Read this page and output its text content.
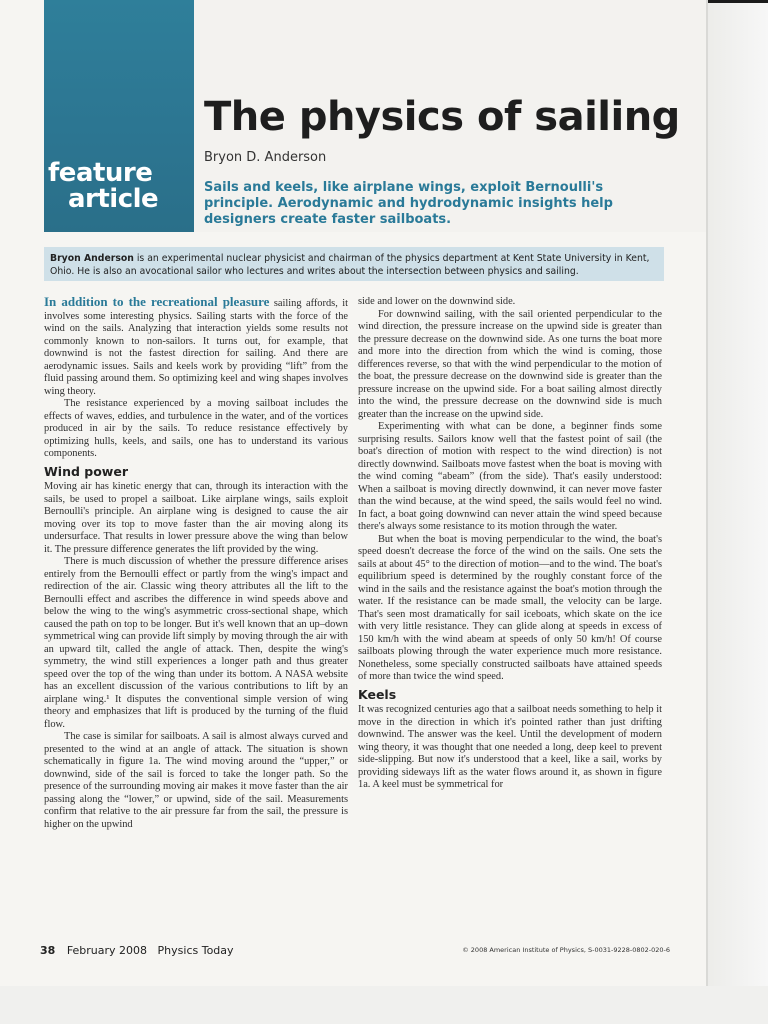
feature
article
The physics of sailing
Bryon D. Anderson
Sails and keels, like airplane wings, exploit Bernoulli's principle. Aerodynamic and hydrodynamic insights help designers create faster sailboats.
Bryon Anderson is an experimental nuclear physicist and chairman of the physics department at Kent State University in Kent, Ohio. He is also an avocational sailor who lectures and writes about the intersection between physics and sailing.

In addition to the recreational pleasure sailing affords, it involves some interesting physics. Sailing starts with the force of the wind on the sails. Analyzing that interaction yields some results not commonly known to non-sailors. It turns out, for example, that downwind is not the fastest direction for sailing. And there are aerodynamic issues. Sails and keels work by providing “lift” from the fluid passing around them. So optimizing keel and wing shapes involves wing theory.

The resistance experienced by a moving sailboat includes the effects of waves, eddies, and turbulence in the water, and of the vortices produced in air by the sails. To reduce resistance effectively by optimizing hulls, keels, and sails, one has to understand its various components.

Wind power

Moving air has kinetic energy that can, through its interaction with the sails, be used to propel a sailboat. Like airplane wings, sails exploit Bernoulli's principle. An airplane wing is designed to cause the air moving over its top to move faster than the air moving along its undersurface. That results in lower pressure above the wing than below it. The pressure difference generates the lift provided by the wing.

There is much discussion of whether the pressure difference arises entirely from the Bernoulli effect or partly from the wing's impact and redirection of the air. Classic wing theory attributes all the lift to the Bernoulli effect and ascribes the difference in wind speeds above and below the wing to the wing's asymmetric cross-sectional shape, which caused the path on top to be longer. But it's well known that an up–down symmetrical wing can provide lift simply by moving through the air with an upward tilt, called the angle of attack. Then, despite the wing's symmetry, the wind still experiences a longer path and thus greater speed over the top of the wing than under its bottom. A NASA website has an excellent discussion of the various contributions to lift by an airplane wing.¹ It disputes the conventional simple version of wing theory and emphasizes that lift is produced by the turning of the fluid flow.

The case is similar for sailboats. A sail is almost always curved and presented to the wind at an angle of attack. The situation is shown schematically in figure 1a. The wind moving around the “upper,” or downwind, side of the sail is forced to take the longer path. So the presence of the surrounding moving air makes it move faster than the air passing along the “lower,” or upwind, side of the sail. Measurements confirm that relative to the air pressure far from the sail, the pressure is higher on the upwind

side and lower on the downwind side.

For downwind sailing, with the sail oriented perpendicular to the wind direction, the pressure increase on the upwind side is greater than the pressure decrease on the downwind side. As one turns the boat more and more into the direction from which the wind is coming, those differences reverse, so that with the wind perpendicular to the motion of the boat, the pressure decrease on the downwind side is greater than the pressure increase on the upwind side. For a boat sailing almost directly into the wind, the pressure decrease on the downwind side is much greater than the increase on the upwind side.

Experimenting with what can be done, a beginner finds some surprising results. Sailors know well that the fastest point of sail (the boat's direction of motion with respect to the wind direction) is not directly downwind. Sailboats move fastest when the boat is moving with the wind coming “abeam” (from the side). That's easily understood: When a sailboat is moving directly downwind, it can never move faster than the wind because, at the wind speed, the sails would feel no wind. In fact, a boat going downwind can never attain the wind speed because there's always some resistance to its motion through the water.

But when the boat is moving perpendicular to the wind, the boat's speed doesn't decrease the force of the wind on the sails. One sets the sails at about 45° to the direction of motion—and to the wind. The boat's equilibrium speed is determined by the roughly constant force of the wind in the sails and the resistance against the boat's motion through the water. If the resistance can be made small, the velocity can be large. That's seen most dramatically for sail iceboats, which skate on the ice with very little resistance. They can glide along at speeds in excess of 150 km/h with the wind abeam at speeds of only 50 km/h! Of course sailboats plowing through the water experience much more resistance. Nonetheless, some specially constructed sailboats have attained speeds of more than twice the wind speed.

Keels

It was recognized centuries ago that a sailboat needs something to help it move in the direction in which it's pointed rather than just drifting downwind. The answer was the keel. Until the development of modern wing theory, it was thought that one needed a long, deep keel to prevent side-slipping. But now it's understood that a keel, like a sail, works by providing sideways lift as the water flows around it, as shown in figure 1a. A keel must be symmetrical for

38 February 2008 Physics Today	© 2008 American Institute of Physics, S-0031-9228-0802-020-6
